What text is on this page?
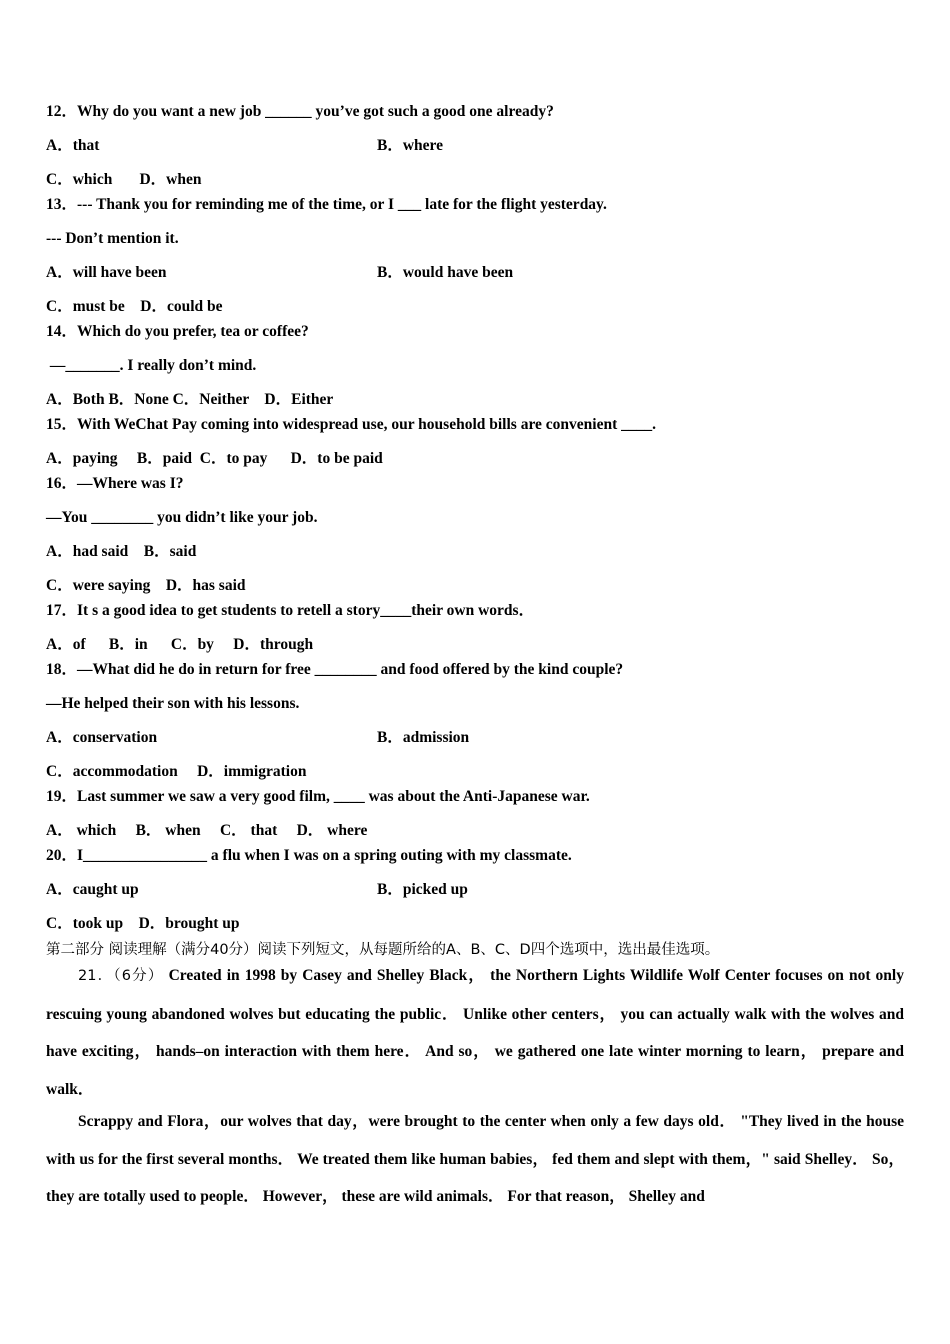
12．Why do you want a new job ______ you’ve got such a good one already?
A．that	B．where
C．which       D．when
13．--- Thank you for reminding me of the time, or I ___ late for the flight yesterday.
--- Don’t mention it.
A．will have been	B．would have been
C．must be    D．could be
14．Which do you prefer, tea or coffee?
—_______. I really don’t mind.
A．Both B．None C．Neither    D．Either
15．With WeChat Pay coming into widespread use, our household bills are convenient ____.
A．paying     B．paid  C．to pay      D．to be paid
16．—Where was I?
—You ________ you didn’t like your job.
A．had said    B．said
C．were saying    D．has said
17．It s a good idea to get students to retell a story____their own words．
A．of      B．in      C．by     D．through
18．—What did he do in return for free ________ and food offered by the kind couple?
—He helped their son with his lessons.
A．conservation	B．admission
C．accommodation     D．immigration
19．Last summer we saw a very good film, ____ was about the Anti-Japanese war.
A． which     B． when     C． that     D． where
20．I________________ a flu when I was on a spring outing with my classmate.
A．caught up	B．picked up
C．took up    D．brought up
第二部分 阅读理解（满分40分）阅读下列短文，从每题所给的A、B、C、D四个选项中，选出最佳选项。
21．（6分） Created in 1998 by Casey and Shelley Black， the Northern Lights Wildlife Wolf Center focuses on not only rescuing young abandoned wolves but educating the public． Unlike other centers， you can actually walk with the wolves and have exciting， hands–on interaction with them here． And so， we gathered one late winter morning to learn， prepare and walk．
Scrappy and Flora，our wolves that day，were brought to the center when only a few days old． "They lived in the house with us for the first several months． We treated them like human babies， fed them and slept with them，" said Shelley． So， they are totally used to people． However， these are wild animals． For that reason， Shelley and
